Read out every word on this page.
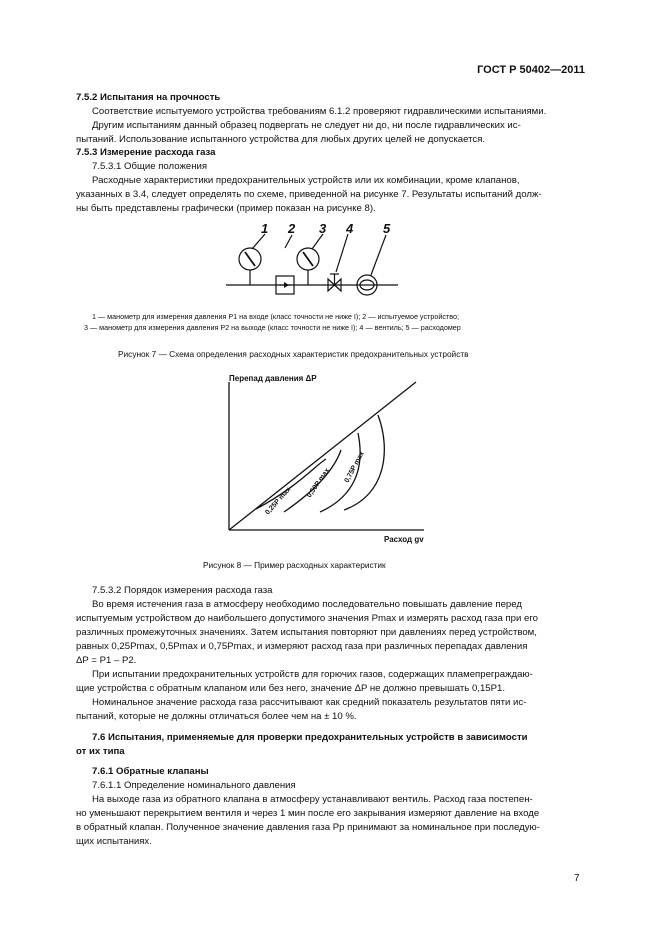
ГОСТ Р 50402—2011
7.5.2 Испытания на прочность
Соответствие испытуемого устройства требованиям 6.1.2 проверяют гидравлическими испытаниями.
Другим испытаниям данный образец подвергать не следует ни до, ни после гидравлических ис-
пытаний. Использование испытанного устройства для любых других целей не допускается.
7.5.3 Измерение расхода газа
7.5.3.1 Общие положения
Расходные характеристики предохранительных устройств или их комбинации, кроме клапанов,
указанных в 3.4, следует определять по схеме, приведенной на рисунке 7. Результаты испытаний долж-
ны быть представлены графически (пример показан на рисунке 8).
1 2 3 4 5
1 — манометр для измерения давления P1 на входе (класс точности не ниже I); 2 — испытуемое устройство;
3 — манометр для измерения давления P2 на выходе (класс точности не ниже I); 4 — вентиль; 5 — расходомер
Рисунок 7 — Схема определения расходных характеристик предохранительных устройств
Перепад давления ΔP
Расход gv
0,25P max
0,50P max 0,75P max
Рисунок 8 — Пример расходных характеристик
7.5.3.2 Порядок измерения расхода газа
Во время истечения газа в атмосферу необходимо последовательно повышать давление перед
испытуемым устройством до наибольшего допустимого значения Pmax и измерять расход газа при его
различных промежуточных значениях. Затем испытания повторяют при давлениях перед устройством,
равных 0,25Pmax, 0,5Pmax и 0,75Pmax, и измеряют расход газа при различных перепадах давления
ΔP = P1 – P2.
При испытании предохранительных устройств для горючих газов, содержащих пламепреграждаю-
щие устройства с обратным клапаном или без него, значение ΔP не должно превышать 0,15P1.
Номинальное значение расхода газа рассчитывают как средний показатель результатов пяти ис-
пытаний, которые не должны отличаться более чем на ± 10 %.
7.6 Испытания, применяемые для проверки предохранительных устройств в зависимости
от их типа
7.6.1 Обратные клапаны
7.6.1.1 Определение номинального давления
На выходе газа из обратного клапана в атмосферу устанавливают вентиль. Расход газа постепен-
но уменьшают перекрытием вентиля и через 1 мин после его закрывания измеряют давление на входе
в обратный клапан. Полученное значение давления газа Pp принимают за номинальное при последую-
щих испытаниях.
7
